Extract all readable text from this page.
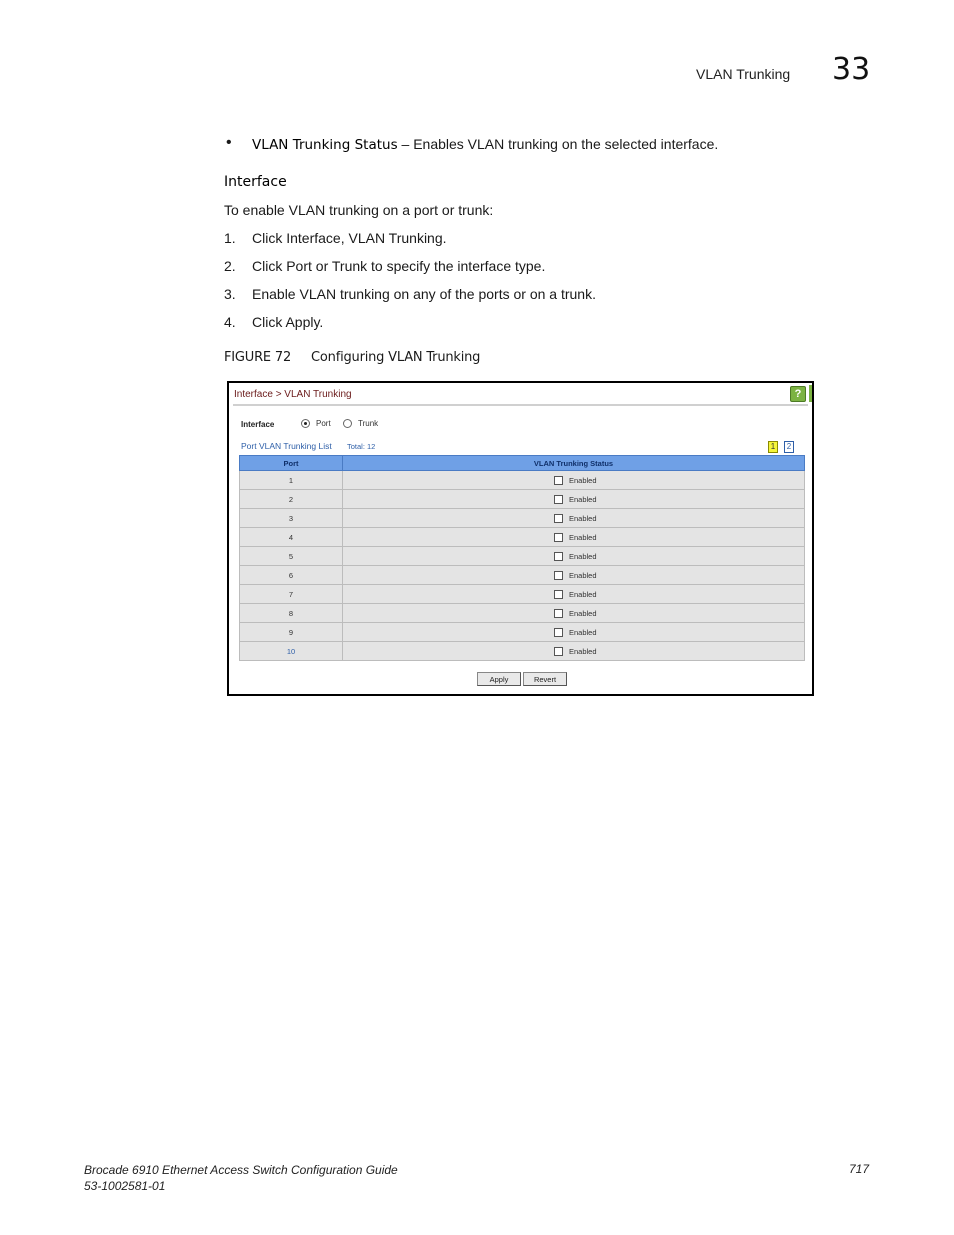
VLAN Trunking 33
• VLAN Trunking Status – Enables VLAN trunking on the selected interface.
Interface
To enable VLAN trunking on a port or trunk:
1. Click Interface, VLAN Trunking.
2. Click Port or Trunk to specify the interface type.
3. Enable VLAN trunking on any of the ports or on a trunk.
4. Click Apply.
FIGURE 72 Configuring VLAN Trunking
Interface > VLAN Trunking	?
Interface	Port	Trunk
Port VLAN Trunking List Total: 12	1	2
Port	VLAN Trunking Status
1	Enabled

2	Enabled

3	Enabled

4	Enabled

5	Enabled

6	Enabled

7	Enabled

8	Enabled

9	Enabled

10	Enabled
Apply	Revert
Brocade 6910 Ethernet Access Switch Configuration Guide
53-1002581-01
717
